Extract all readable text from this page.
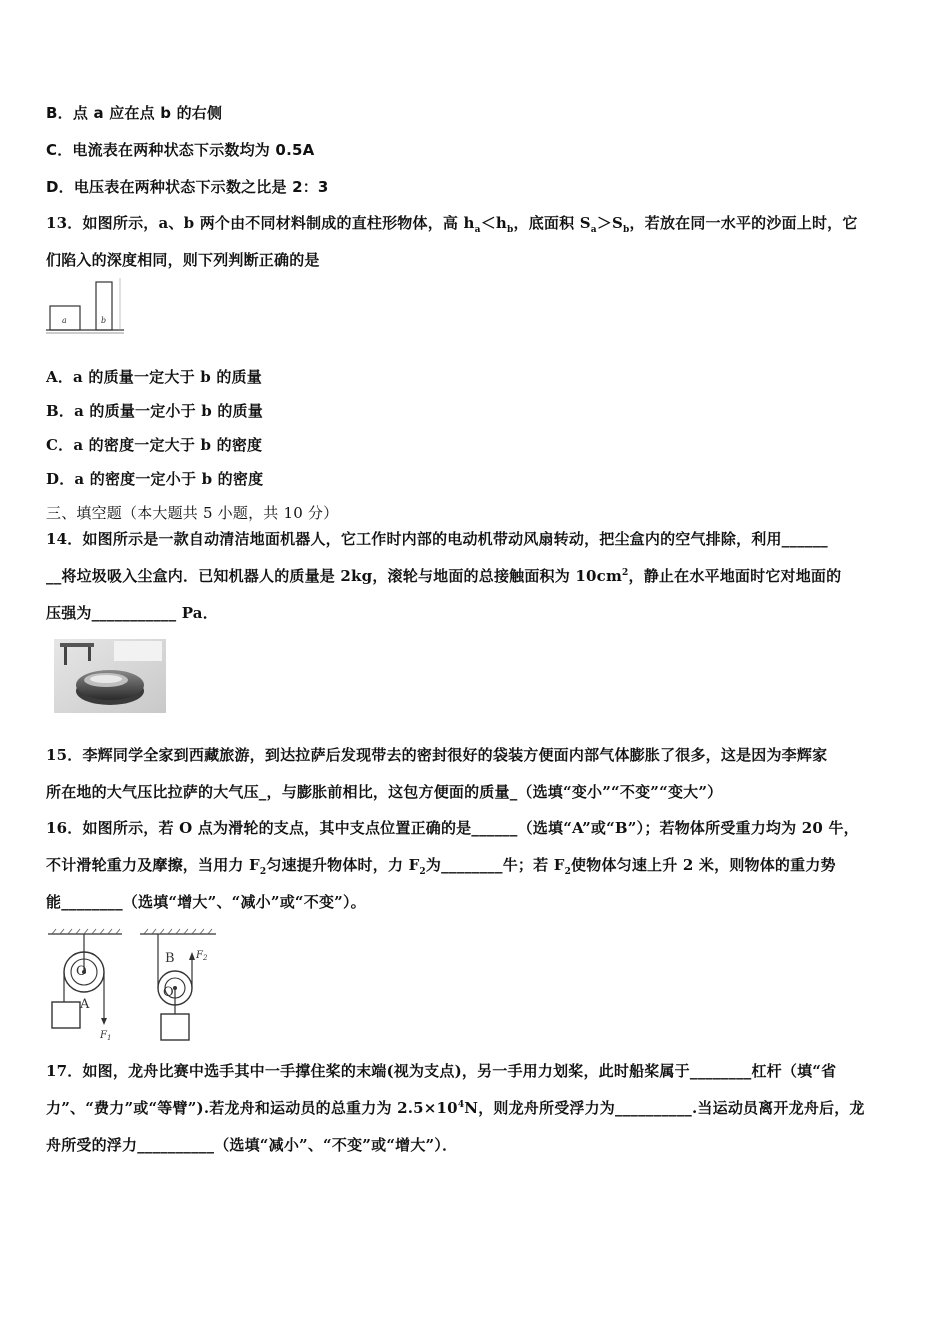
B．点 a 应在点 b 的右侧
C．电流表在两种状态下示数均为 0.5A
D．电压表在两种状态下示数之比是 2：3
13．如图所示，a、b 两个由不同材料制成的直柱形物体，高 $h_a<h_b$，底面积 $S_a>S_b$，若放在同一水平的沙面上时，它
们陷入的深度相同，则下列判断正确的是
a	b
A．a 的质量一定大于 b 的质量
B．a 的质量一定小于 b 的质量
C．a 的密度一定大于 b 的密度
D．a 的密度一定小于 b 的密度
三、填空题（本大题共 5 小题，共 10 分）
14．如图所示是一款自动清洁地面机器人，它工作时内部的电动机带动风扇转动，把尘盒内的空气排除，利用______
__将垃圾吸入尘盒内．已知机器人的质量是 2kg，滚轮与地面的总接触面积为 $10cm^2$，静止在水平地面时它对地面的
压强为___________ Pa．
15．李辉同学全家到西藏旅游，到达拉萨后发现带去的密封很好的袋装方便面内部气体膨胀了很多，这是因为李辉家
所在地的大气压比拉萨的大气压_，与膨胀前相比，这包方便面的质量_（选填“变小”“不变”“变大”）
16．如图所示，若 O 点为滑轮的支点，其中支点位置正确的是______（选填“A”或“B”）；若物体所受重力均为 20 牛，
不计滑轮重力及摩擦，当用力 $F_2$匀速提升物体时，力 $F_2$为________牛；若 $F_2$使物体匀速上升 2 米，则物体的重力势
能________（选填“增大”、“减小”或“不变”）。
O
A
$F_1$
B
O
$F_2$
17．如图，龙舟比赛中选手其中一手撑住桨的末端(视为支点)，另一手用力划桨，此时船桨属于________杠杆（填“省
力”、“费力”或“等臂”).若龙舟和运动员的总重力为 $2.5\times 10^4N$，则龙舟所受浮力为__________.当运动员离开龙舟后，龙
舟所受的浮力__________（选填“减小”、“不变”或“增大”）．
